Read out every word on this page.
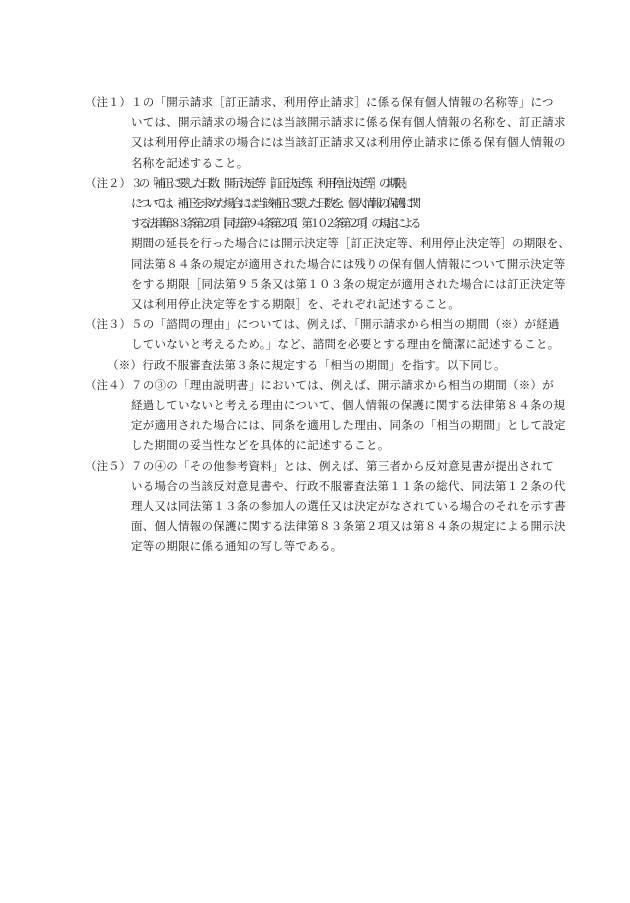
（注１） １の「開示請求［訂正請求、利用停止請求］に係る保有個人情報の名称等」につ
いては、開示請求の場合には当該開示請求に係る保有個人情報の名称を、訂正請求
又は利用停止請求の場合には当該訂正請求又は利用停止請求に係る保有個人情報の
名称を記述すること。
（注２） ３の「補正に要した日数、開示決定等［訂正決定等、利用停止決定等］の期限」
については、補正を求めた場合には当該補正に要した日数を、個人情報の保護に関
する法律第８３条第２項［同法第９４条第２項、第１０２条第２項］の規定による
期間の延長を行った場合には開示決定等［訂正決定等、利用停止決定等］の期限を、
同法第８４条の規定が適用された場合には残りの保有個人情報について開示決定等
をする期限［同法第９５条又は第１０３条の規定が適用された場合には訂正決定等
又は利用停止決定等をする期限］を、それぞれ記述すること。
（注３） ５の「諮問の理由」については、例えば、「開示請求から相当の期間（※）が経過
していないと考えるため。」など、諮問を必要とする理由を簡潔に記述すること。
（※）行政不服審査法第３条に規定する「相当の期間」を指す。以下同じ。
（注４） ７の③の「理由説明書」においては、例えば、開示請求から相当の期間（※）が
経過していないと考える理由について、個人情報の保護に関する法律第８４条の規
定が適用された場合には、同条を適用した理由、同条の「相当の期間」として設定
した期間の妥当性などを具体的に記述すること。
（注５） ７の④の「その他参考資料」とは、例えば、第三者から反対意見書が提出されて
いる場合の当該反対意見書や、行政不服審査法第１１条の総代、同法第１２条の代
理人又は同法第１３条の参加人の選任又は決定がなされている場合のそれを示す書
面、個人情報の保護に関する法律第８３条第２項又は第８４条の規定による開示決
定等の期限に係る通知の写し等である。
